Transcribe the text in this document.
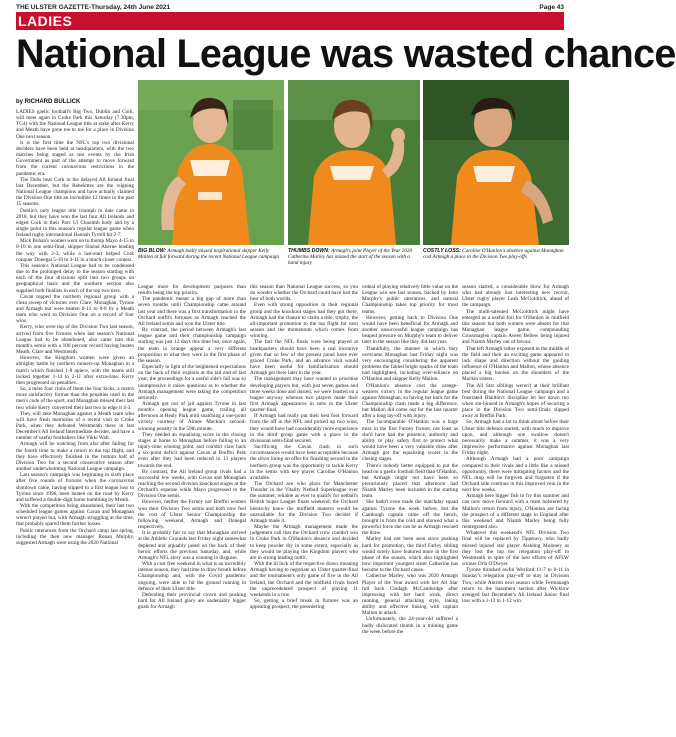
THE ULSTER GAZETTE-Thursday, 24th June 2021	Page 43
LADIES
National League was wasted chance
BIG BLOW: Armagh badly missed inspirational skipper Kelly Mallon at full forward during the recent National League campaign
THUMBS DOWN: Armagh's joint Player of the Year 2020 Catherine Marley has missed the start of the season with a hand injury
COSTLY LOSS: Caroline O'Hanlon's absence against Monaghan cost Armagh a place in the Division Two play-offs
by RICHARD BULLICK

LADIES gaelic football's Big Two, Dublin and Cork, will meet again in Croke Park this Saturday (7.30pm, TG4) with the National League title at stake after Kerry and Meath have gone toe to toe for a place in Division One next season.

It is the first time the NFL's top two divisional deciders have been held at headquarters, with the two matches being staged as test events by the Irish Government as part of the attempt to move forward from the current coronavirus restrictions in the pandemic era.

The Dubs beat Cork in the delayed All Ireland final last December, but the Rebelettes are the reigning National League champions and have actually claimed the Division One title an incredible 12 times in the past 15 seasons.

Dublin's only league title triumph to date came in 2018, but they have won the last four All Irelands and edged Cork in their Parc Uí Chaoimh body and by a single point in this season's regular league game when Ireland rugby international Hannah Tyrrell hit 2-7.

Mick Bohan's women went on to thump Mayo 4-15 to 0-10 in one semi-final, skipper Sinéad Aherne leading the way with 2-3, while a last-start helped Cork conquer Donegal 5-10 to 3-11 in a much closer contest.

This season's National League had to be condensed due to the prolonged delay to the season starting with each of the four divisions split into two groups on geographical basis and the southern section also supplied both finalists in each of the top two tiers.

Cavan topped the northern regional group with a clean sweep of victories over Clare, Monaghan, Tyrone and Armagh but were beaten 0-13 to 0-8 by a Meath team who went to Division One on a record of four wins.

Kerry, who were top of the Division Two last season, arrived from five fixtures when last season's National League had to be abandoned, also came into this month's semis with a 100 percent record having beaten Meath, Clare and Westmeath.

However, the Kingdom women were given an almighty battle by northern runners-up Monaghan in a match which finished 1-8 apiece, with the teams still locked together 1-14 to 2-11 after extra-time. Kerry then progressed on penalties.

So, a mere four clubs of them the four kicks, a match more satisfactory format than the penalties used in the men's code of the sport, and Monaghan missed their last two while Kerry converted their last two to edge it 4-3.

They will take Monaghan against a Meath team who will have fresh memories of a recent visit to Croke Park, when they defeated Westmeath there in last December's All Ireland Intermediate decider, and have a number of useful footballers like Vikki Wall.

Armagh will be watching from afar after failing for the fourth time to make a return to the top flight, and they have effectively finished in the bottom half of Division Two for a second consecutive season after another underwhelming National League campaign.

Last season's campaign was beginning in sixth place after five rounds of fixtures when the coronavirus shutdown came, having slipped to a first league loss to Tyrone since 1996, been beaten on the road by Kerry and suffered a double-digit home humbling by Meath.

With the competition being abandoned, their last two scheduled league games against Cavan and Monaghan weren't played but, with Armagh struggling at the time, that probably spared them further losses.

Public utterances from the Orchard camp last spring, including the then new manager Ronan Murphy, suggested Armagh were using the 2020 National

League more for development purposes than results being the top priority.

The pandemic meant a big gap of more than seven months until Championship came around last year and there was a first transformation in the Orchard outfit's fortunes as Armagh reached the All Ireland semis and won the Ulster title.

By contrast, the period between Armagh's last league game and their championship campaign starting was just 12 days this time but, once again, the team in orange appear a very different proposition to what they were in the first phase of the season.

Especially in light of the heightened expectations on the back of their exploits at the tail end of last year, the proceedings for a useful side's fall was so unimpressive it raises questions as to whether the Armagh management were taking the competition seriously.

Armagh got out of jail against Tyrone in last month's opening league game, trailing all afternoon at Healy Park until snatching a one-point victory courtesy of Aimee Mackin's second-winning penalty in the 59th minute.

They needed an equalising score in the closing stages at home to Monaghan before falling to an injury-time winning point, and couldn't claw back a six-point deficit against Cavan at Breffni Park even after they had been reduced to 13 players towards the end.

By contrast, the All Ireland group rivals had a successful few weeks, with Cavan and Monaghan reaching the second division knockout stages at the Orchard's expense while Mayo progressed to the Division One semis.

However, neither the Ferney nor Breffni women won their Division Two semis and both now feel the cost of Ulster Senior Championship the following weekend, Armagh and Donegal respectively.

It is probably fair to say that Monaghan arrived at the Athletic Grounds last Friday night somewhat depleted and arguably jaded on the back of their heroic efforts the previous Saturday, and, while Armagh's NFL story was a winning in disguise.

With a cost free weekend in what is an incredibly intense season, they had time to draw breath before Championship and, with the Covid pandemic ongoing, were able to hit the ground running in defence of their Ulster title.

Defending their provincial crown and pushing hard for All Ireland glory are undeniably bigger goals for Armagh

this season than National League success, so you do wonder whether the Orchard could have had the best of both worlds.

Even with strong opposition in their regional group and the knockout stages had they got there, Armagh had the chance to claim a title, trophy, the all-important promotion to the top flight for next season and the momentum which comes from winning.

The fact the NFL finals were being played at headquarters should have been a real incentive given that so few of the present panel have ever graced Croke Park, and an advance visit would have been useful for familiarisation should Armagh get there later in the year.

The management may have wanted to prioritise developing players but, with just seven games and three weeks done and dusted, we were feasted on a league anyway whereas two players made their first Armagh appearances in subs in the Ulster quarter-final.

If Armagh had really put their best foot forward from the off in the NFL and picked up two wins, they would have had considerably more experience in the third group game with a place in the divisional semi-final secured.

Sacrificing the Cavan clash in such circumstances would have been acceptable because the silver lining on offer for finishing second in the northern group was the opportunity to tackle Kerry in the semis with key player Caroline O'Hanlon available.

The Orchard ace who plays for Manchester Thunder in the Vitality Netball Superleague over the summer, reliable as ever to qualify for netball's British Super League finals weekend, the Orchard hierarchy knew the midfield maestro would be unavailable for the Division Two decider if Armagh made it.

Maybe the Armagh management made the judgement call that the Orchard crew couldn't win in Croke Park in O'Hanlon's absence and decided to keep powder dry in some extent, especially as they would be playing the Kingdom players who are in strong leading outfit.

With the ill luck of the respective draws meaning Armagh having to negotiate an Ulster quarter-final and the tournament's only game of five in the All Ireland, the Orchard and the midfield rivals faced the unprecedented prospect of playing 11 weekends in a row.

So, getting a brief break in fixtures was an appealing prospect, the preordering

ordeal of playing relatively little value on the League win see last season, backed by Jenn Murphy's public utterances, and natural Championship takes top priority for most teams.

However, getting back to Division One would have been beneficial for Armagh and another unsuccessful league campaign has heaped pressure on Murphy's team to deliver later in the season like they did last year.

Thankfully, the manner in which they overcame Monaghan last Friday night was very encouraging considering the apparent problems the fabled bright sparks of the team had highlighted, including over-reliance on O'Hanlon and skipper Kelly Mallon.

O'Hanlon's absence cost the orange-wearers victory in the regular league game against Monaghan, so having her back for the Championship clash made a big difference, but Mallon did come out for the last quarter after a long lay-off with injury.

The incomparable O'Hanlon was a huge miss in the first Farney fixture, not least as she'd have had the presence, authority and ability to play safety first to protect what would have been a very valuable draw after Armagh got the equalising scorer in the closing stages.

There's nobody better equipped to put the head on a gaelic football field than O'Hanlon, but Armagh might not have been so precariously placed that afternoon had Niamh Marley been included in the starting team.

She hadn't even made the matchday squad against Tyrone the week before, but the Camlough captain came off the bench, brought in from the cold and showed what a powerful force she can be as Armagh rescued the draw.

Marley had not been seen since pushing hard for promotion, the third Farley sibling would surely have featured more in the first phase of the season, which also highlighted how important youngest sister Catherine has become to the Orchard cause.

Catherine Marley, who was 2020 Armagh Player of the Year award with her All Star full back Clodagh McCambridge after impressing with her hard work, direct running, general attacking style, taking ability and effective linking with captain Mallon in attack.

Unfortunately, the 24-year-old suffered a badly dislocated thumb in a training game the week before the

season started, a considerable blow for Armagh who had already lost interesting new recruit, Ulster rugby player Leah McGoldrick, ahead of the campaign.

The multi-talented McGoldrick might have emerged as a useful foil for O'Hanlon in midfield this season but both women were absent for that Monaghan league game, compounding Crossmaglen captain Aveen Bellew being injured and Niamh Marley out of favour.

That left Armagh rather exposed in the middle of the field and their an exciting game appeared to lack shape and direction without the guiding influence of O'Hanlon and Mallon, whose absence placed a big burden on the shoulders of the Mackin sisters.

The All Star siblings weren't at their brilliant best during the National League campaign and a frustrated Blaithin's discipline let her down too when sin-binned in Armagh's hopes of securing a place in the Division Two semi-finals slipped away at Breffni Park.

So, Armagh had a lot to think about before their Ulster title defence started, with much to improve upon, and although one swallow doesn't necessarily make a summer, it was a very impressive performance against Monaghan last Friday night.

Although Armagh had a poor campaign compared to their rivals and a little like a missed opportunity, there were mitigating factors and the NFL drop will be forgiven and forgotten if the Orchard side continue in this improved vein in the next few weeks.

Armagh here bigger fish to fry this summer and can now move forward with a team bolstered by Mallon's return from injury, O'Hanlon are facing the prospect of a different stage in England after this weekend and Niamh Marley being fully reintegrated also.

Whatever this weekend's NFL Division Two final will be replaced by Tipperary, who badly missed injured star player Aishling Moloney as they lost the top tier relegation play-off to Westmeath in spite of the best efforts of AFLW winner Orla O'Dwyer.

Tyrone thrashed awful Wexford 11-7 to 0-11 in Sunday's relegation play-off to stay in Division Two, while Antrim next season while Fermanagh return to the basement section after Wicklow avenged last December's All Ireland Junior final loss with a 1-13 to 1-12 win.
